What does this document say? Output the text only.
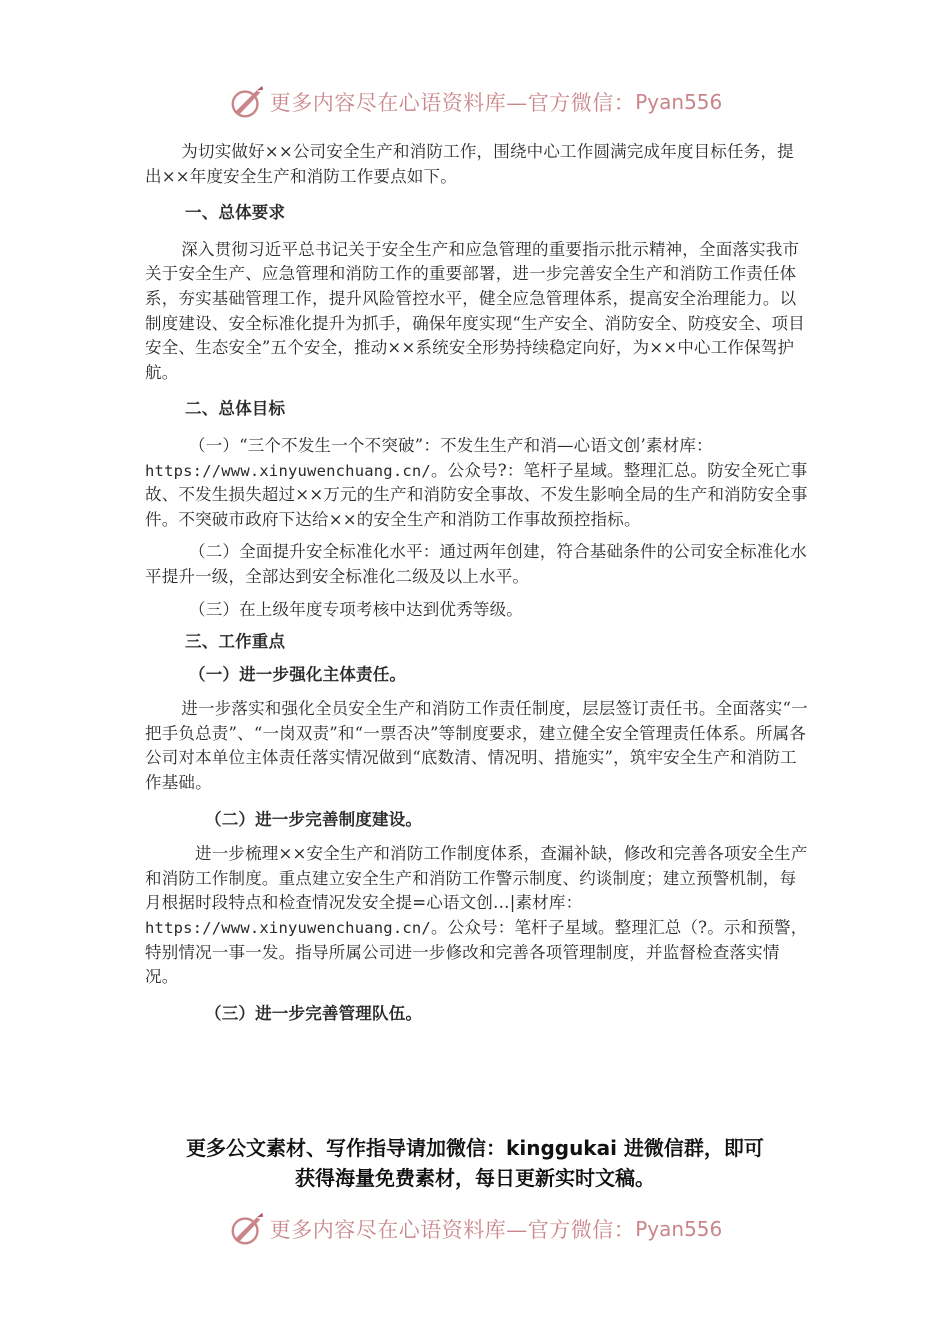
更多内容尽在心语资料库—官方微信： Pyan556

为切实做好××公司安全生产和消防工作，围绕中心工作圆满完成年度目标任务，提出××年度安全生产和消防工作要点如下。

一、总体要求

深入贯彻习近平总书记关于安全生产和应急管理的重要指示批示精神，全面落实我市关于安全生产、应急管理和消防工作的重要部署，进一步完善安全生产和消防工作责任体系，夯实基础管理工作，提升风险管控水平，健全应急管理体系，提高安全治理能力。以制度建设、安全标准化提升为抓手，确保年度实现“生产安全、消防安全、防疫安全、项目安全、生态安全”五个安全，推动××系统安全形势持续稳定向好，为××中心工作保驾护航。

二、总体目标

（一）“三个不发生一个不突破”：不发生生产和消—心语文创’素材库：https://www.xinyuwenchuang.cn/。公众号?：笔杆子星域。整理汇总。防安全死亡事故、不发生损失超过××万元的生产和消防安全事故、不发生影响全局的生产和消防安全事件。不突破市政府下达给××的安全生产和消防工作事故预控指标。

（二）全面提升安全标准化水平：通过两年创建，符合基础条件的公司安全标准化水平提升一级，全部达到安全标准化二级及以上水平。

（三）在上级年度专项考核中达到优秀等级。

三、工作重点

（一）进一步强化主体责任。

进一步落实和强化全员安全生产和消防工作责任制度，层层签订责任书。全面落实“一把手负总责”、“一岗双责”和“一票否决”等制度要求，建立健全安全管理责任体系。所属各公司对本单位主体责任落实情况做到“底数清、情况明、措施实”，筑牢安全生产和消防工作基础。

（二）进一步完善制度建设。

进一步梳理××安全生产和消防工作制度体系，查漏补缺，修改和完善各项安全生产和消防工作制度。重点建立安全生产和消防工作警示制度、约谈制度；建立预警机制，每月根据时段特点和检查情况发安全提=心语文创…|素材库：https://www.xinyuwenchuang.cn/。公众号：笔杆子星域。整理汇总（?。示和预警，特别情况一事一发。指导所属公司进一步修改和完善各项管理制度，并监督检查落实情况。

（三）进一步完善管理队伍。

更多公文素材、写作指导请加微信：kinggukai 进微信群，即可
获得海量免费素材，每日更新实时文稿。
更多内容尽在心语资料库—官方微信： Pyan556
